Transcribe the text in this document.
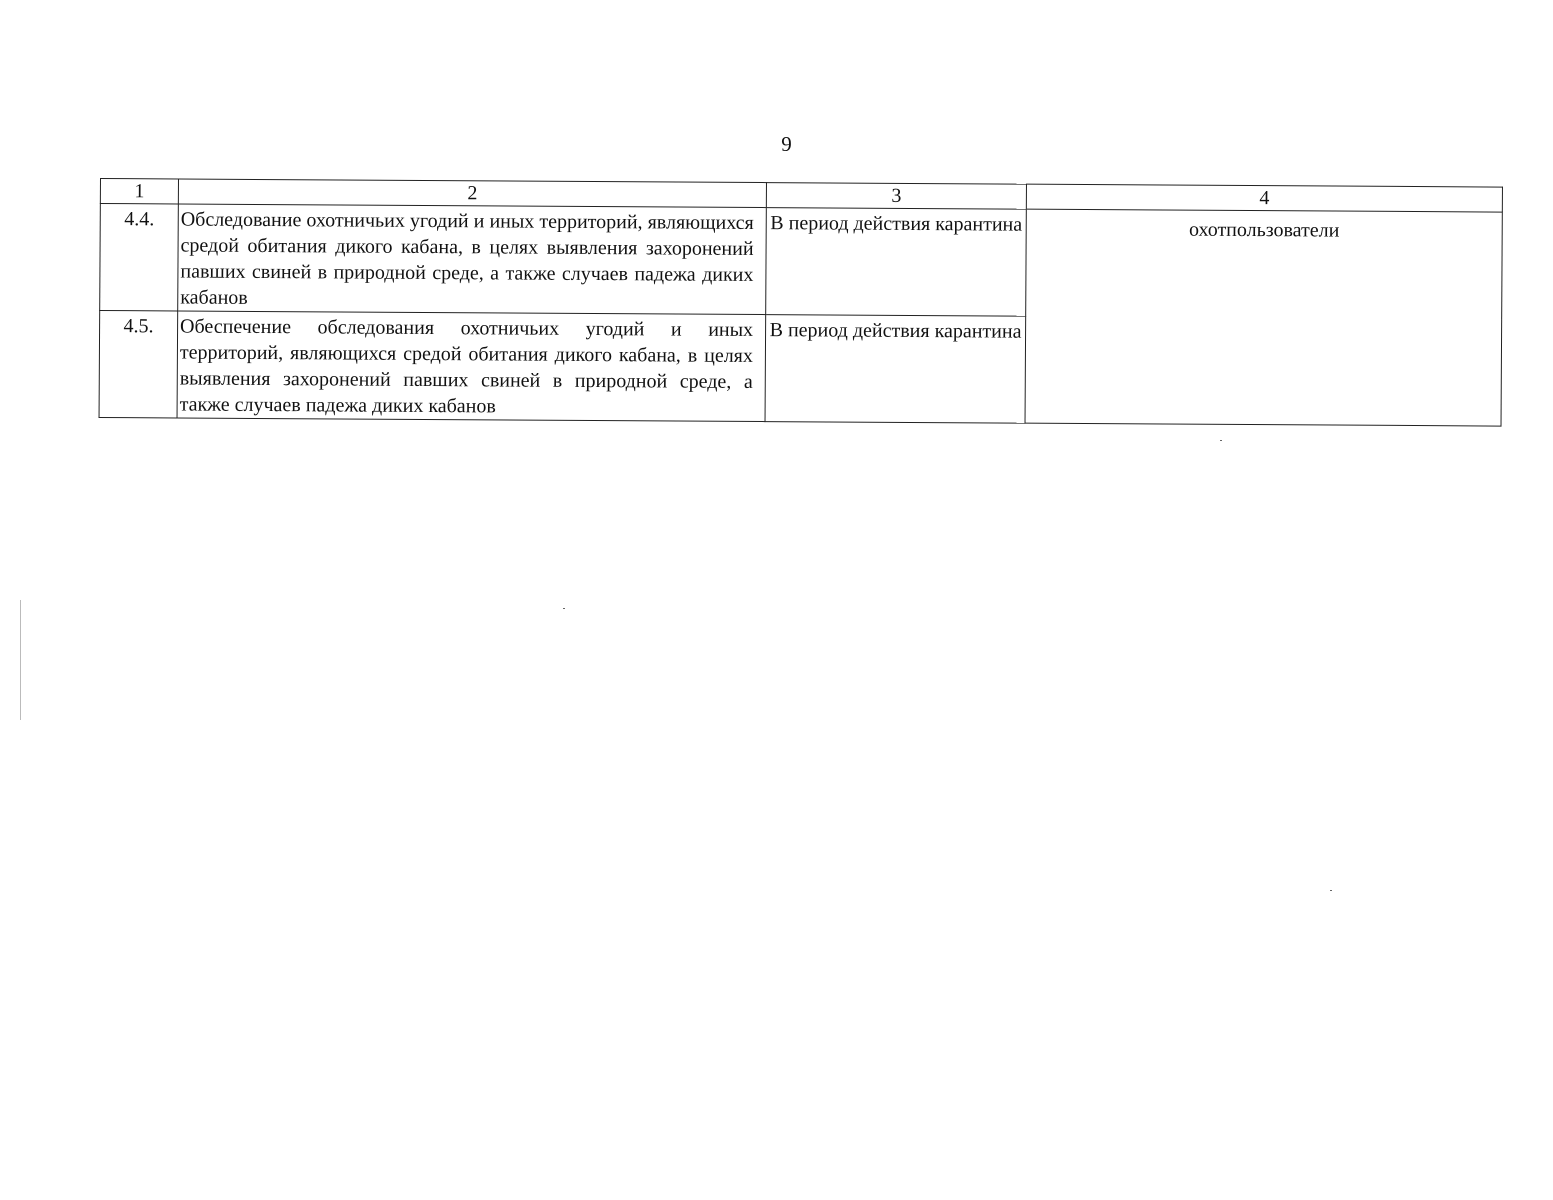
9
1	2	3	4
4.4.	Обследование охотничьих угодий и иных территорий, являющихся средой обитания дикого кабана, в целях выявления захоронений павших свиней в природной среде, а также случаев падежа диких кабанов	В период действия карантина	охотпользователи
4.5.	Обеспечение обследования охотничьих угодий и иных территорий, являющихся средой обитания дикого кабана, в целях выявления захоронений павших свиней в природной среде, а также случаев падежа диких кабанов	В период действия карантина	
